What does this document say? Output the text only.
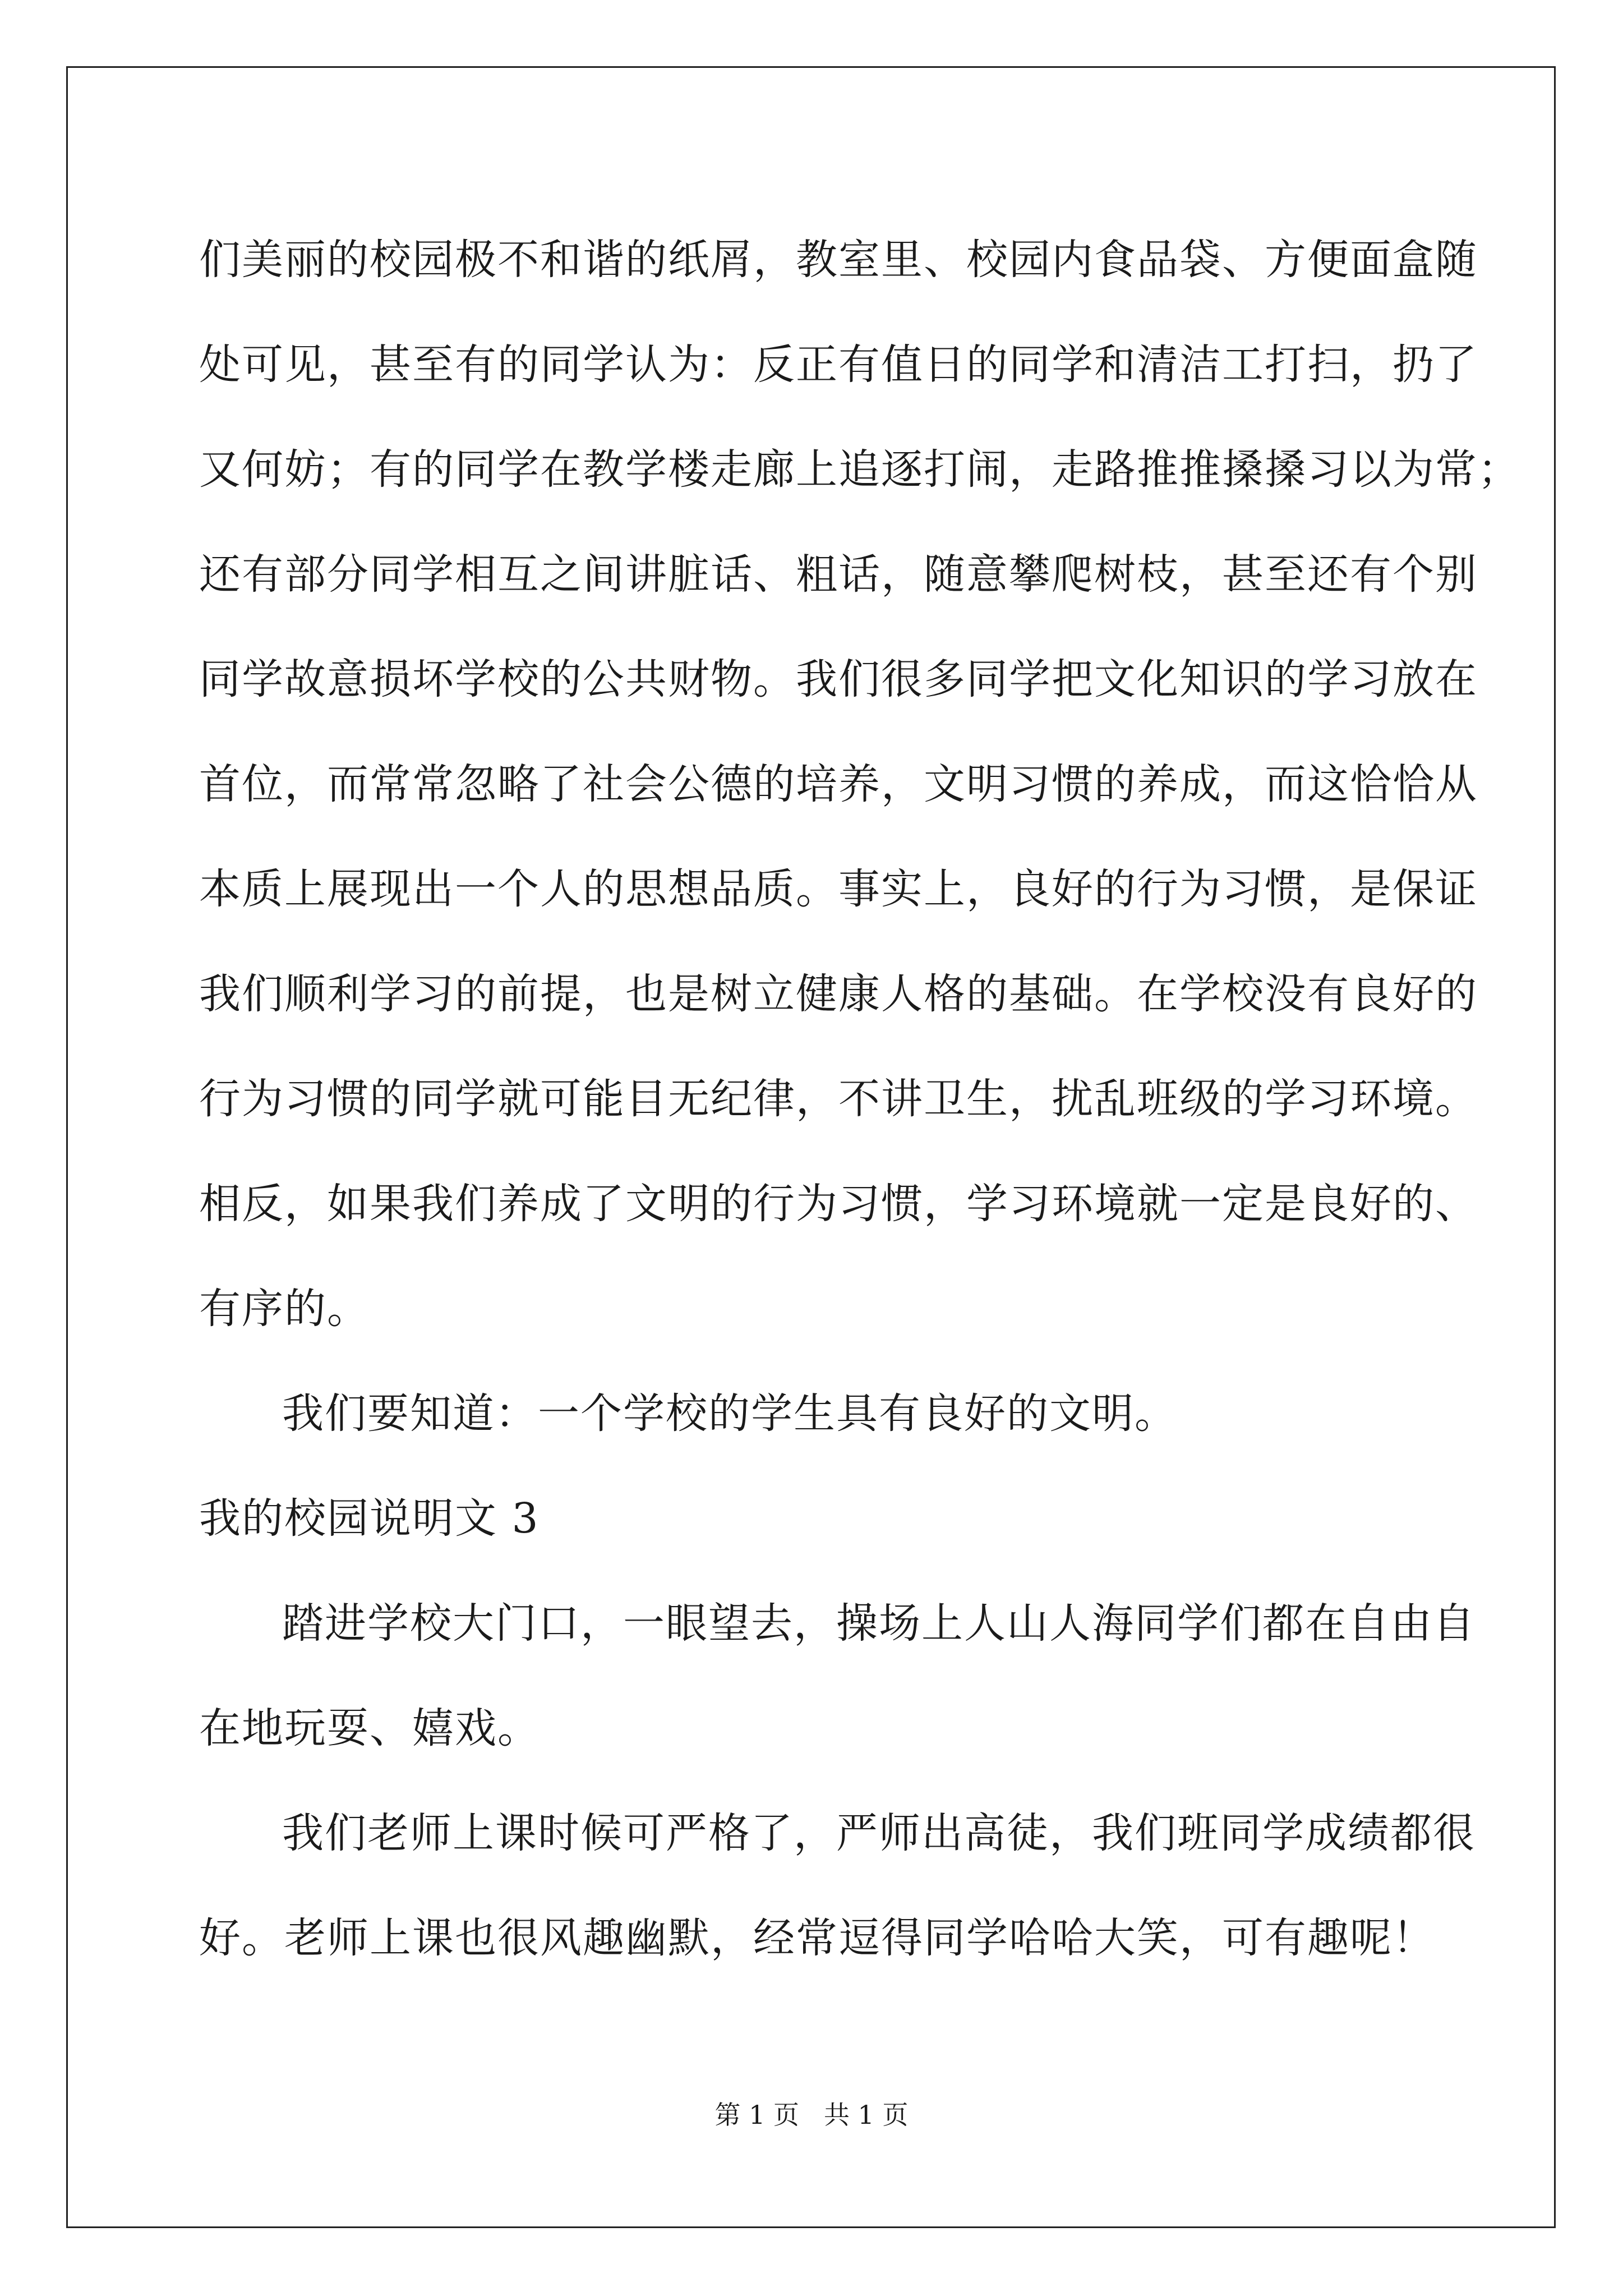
们美丽的校园极不和谐的纸屑，教室里、校园内食品袋、方便面盒随
处可见，甚至有的同学认为：反正有值日的同学和清洁工打扫，扔了
又何妨；有的同学在教学楼走廊上追逐打闹，走路推推搡搡习以为常；
还有部分同学相互之间讲脏话、粗话，随意攀爬树枝，甚至还有个别
同学故意损坏学校的公共财物。我们很多同学把文化知识的学习放在
首位，而常常忽略了社会公德的培养，文明习惯的养成，而这恰恰从
本质上展现出一个人的思想品质。事实上，良好的行为习惯，是保证
我们顺利学习的前提，也是树立健康人格的基础。在学校没有良好的
行为习惯的同学就可能目无纪律，不讲卫生，扰乱班级的学习环境。
相反，如果我们养成了文明的行为习惯，学习环境就一定是良好的、
有序的。
我们要知道：一个学校的学生具有良好的文明。
我的校园说明文 3
踏进学校大门口，一眼望去，操场上人山人海同学们都在自由自
在地玩耍、嬉戏。
我们老师上课时候可严格了，严师出高徒，我们班同学成绩都很
好。老师上课也很风趣幽默，经常逗得同学哈哈大笑，可有趣呢！
第 1 页 共 1 页
